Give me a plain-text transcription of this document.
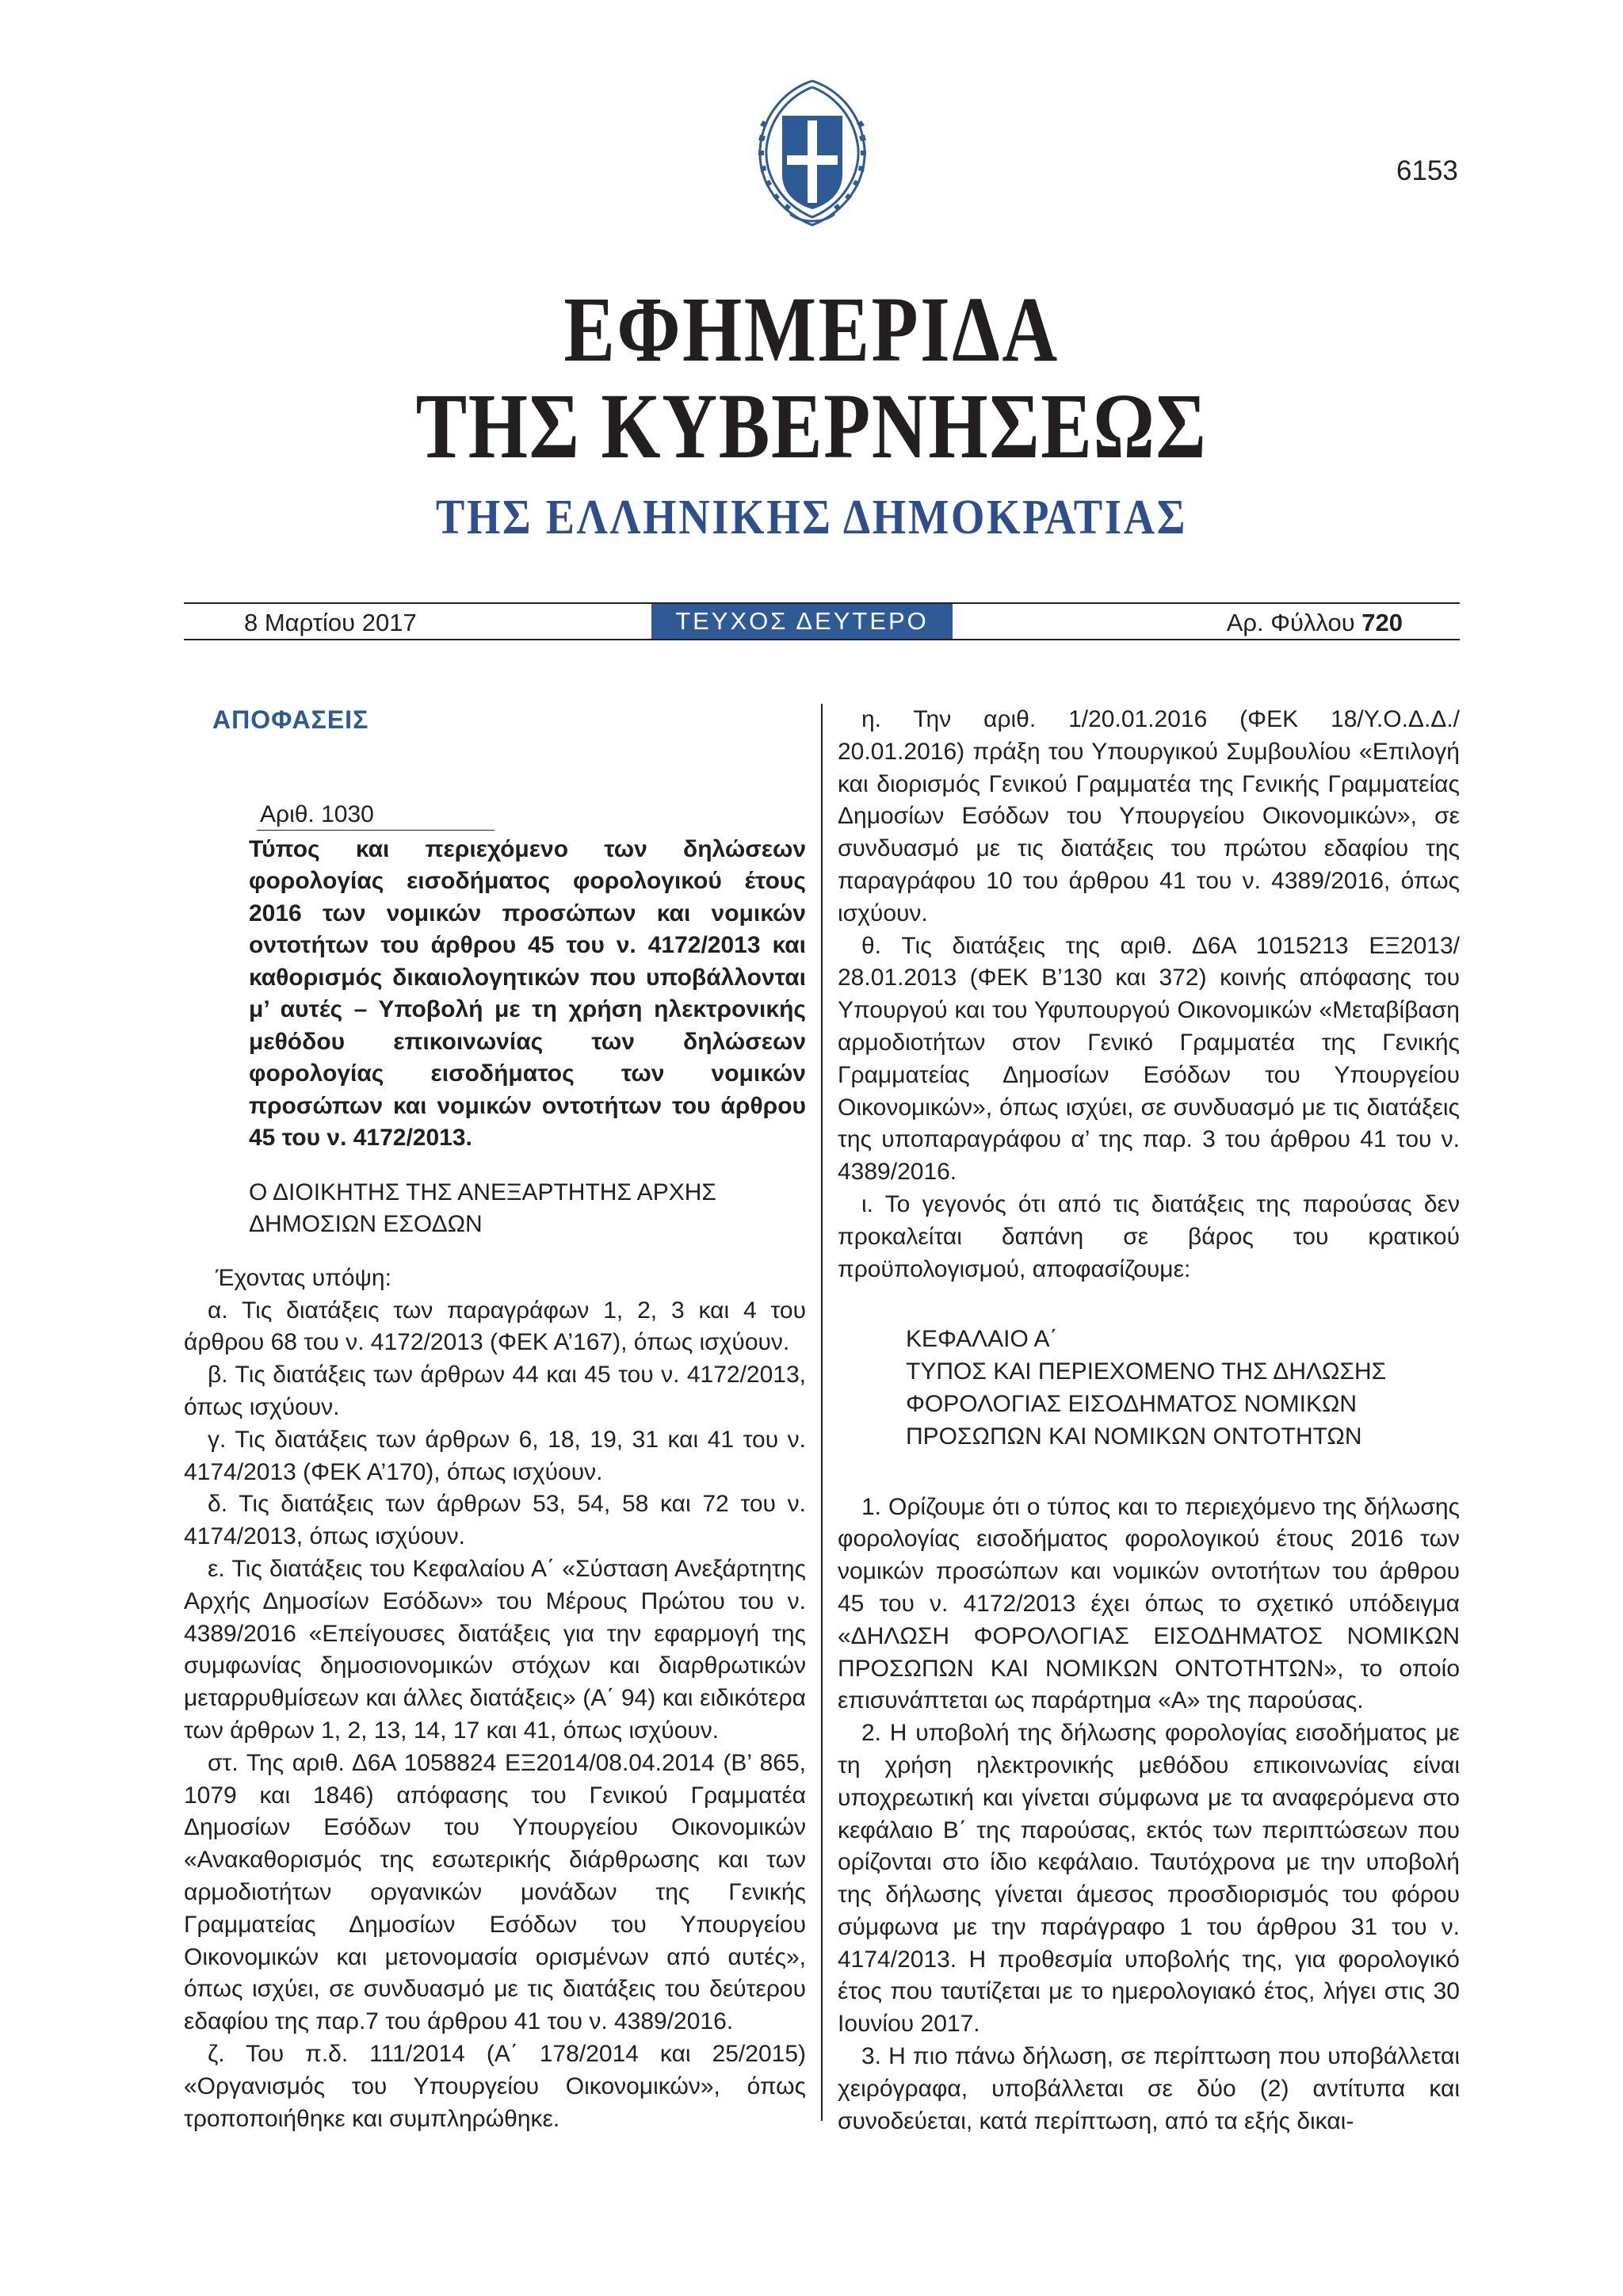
6153
ΕΦΗΜΕΡΙΔΑ
ΤΗΣ ΚΥΒΕΡΝΗΣΕΩΣ
ΤΗΣ ΕΛΛΗΝΙΚΗΣ ΔΗΜΟΚΡΑΤΙΑΣ
8 Μαρτίου 2017	ΤΕΥΧΟΣ ΔΕΥΤΕΡΟ	Αρ. Φύλλου 720
ΑΠΟΦΑΣΕΙΣ
Αριθ. 1030
Τύπος και περιεχόμενο των δηλώσεων φορολογίας εισοδήματος φορολογικού έτους 2016 των νομικών προσώπων και νομικών οντοτήτων του άρθρου 45 του ν. 4172/2013 και καθορισμός δικαιολογητικών που υποβάλλονται μ’ αυτές – Υποβολή με τη χρήση ηλεκτρονικής μεθόδου επικοινωνίας των δηλώσεων φορολογίας εισοδήματος των νομικών προσώπων και νομικών οντοτήτων του άρθρου 45 του ν. 4172/2013.
Ο ΔΙΟΙΚΗΤΗΣ ΤΗΣ ΑΝΕΞΑΡΤΗΤΗΣ ΑΡΧΗΣ
ΔΗΜΟΣΙΩΝ ΕΣΟΔΩΝ
Έχοντας υπόψη:

α. Τις διατάξεις των παραγράφων 1, 2, 3 και 4 του άρθρου 68 του ν. 4172/2013 (ΦΕΚ Α’167), όπως ισχύουν.

β. Τις διατάξεις των άρθρων 44 και 45 του ν. 4172/2013, όπως ισχύουν.

γ. Τις διατάξεις των άρθρων 6, 18, 19, 31 και 41 του ν. 4174/2013 (ΦΕΚ Α’170), όπως ισχύουν.

δ. Τις διατάξεις των άρθρων 53, 54, 58 και 72 του ν. 4174/2013, όπως ισχύουν.

ε. Τις διατάξεις του Κεφαλαίου Α΄ «Σύσταση Ανεξάρτητης Αρχής Δημοσίων Εσόδων» του Μέρους Πρώτου του ν. 4389/2016 «Επείγουσες διατάξεις για την εφαρμογή της συμφωνίας δημοσιονομικών στόχων και διαρθρωτικών μεταρρυθμίσεων και άλλες διατάξεις» (Α΄ 94) και ειδικότερα των άρθρων 1, 2, 13, 14, 17 και 41, όπως ισχύουν.

στ. Της αριθ. Δ6Α 1058824 ΕΞ2014/08.04.2014 (Β’ 865, 1079 και 1846) απόφασης του Γενικού Γραμματέα Δημοσίων Εσόδων του Υπουργείου Οικονομικών «Ανακαθορισμός της εσωτερικής διάρθρωσης και των αρμοδιοτήτων οργανικών μονάδων της Γενικής Γραμματείας Δημοσίων Εσόδων του Υπουργείου Οικονομικών και μετονομασία ορισμένων από αυτές», όπως ισχύει, σε συνδυασμό με τις διατάξεις του δεύτερου εδαφίου της παρ.7 του άρθρου 41 του ν. 4389/2016.

ζ. Του π.δ. 111/2014 (Α΄ 178/2014 και 25/2015) «Οργανισμός του Υπουργείου Οικονομικών», όπως τροποποιήθηκε και συμπληρώθηκε.

η. Την αριθ. 1/20.01.2016 (ΦΕΚ 18/Υ.Ο.Δ.Δ./ 20.01.2016) πράξη του Υπουργικού Συμβουλίου «Επιλογή και διορισμός Γενικού Γραμματέα της Γενικής Γραμματείας Δημοσίων Εσόδων του Υπουργείου Οικονομικών», σε συνδυασμό με τις διατάξεις του πρώτου εδαφίου της παραγράφου 10 του άρθρου 41 του ν. 4389/2016, όπως ισχύουν.

θ. Τις διατάξεις της αριθ. Δ6Α 1015213 ΕΞ2013/ 28.01.2013 (ΦΕΚ Β’130 και 372) κοινής απόφασης του Υπουργού και του Υφυπουργού Οικονομικών «Μεταβίβαση αρμοδιοτήτων στον Γενικό Γραμματέα της Γενικής Γραμματείας Δημοσίων Εσόδων του Υπουργείου Οικονομικών», όπως ισχύει, σε συνδυασμό με τις διατάξεις της υποπαραγράφου α’ της παρ. 3 του άρθρου 41 του ν. 4389/2016.

ι. Το γεγονός ότι από τις διατάξεις της παρούσας δεν προκαλείται δαπάνη σε βάρος του κρατικού προϋπολογισμού, αποφασίζουμε:

ΚΕΦΑΛΑΙΟ Α΄
ΤΥΠΟΣ ΚΑΙ ΠΕΡΙΕΧΟΜΕΝΟ ΤΗΣ ΔΗΛΩΣΗΣ
ΦΟΡΟΛΟΓΙΑΣ ΕΙΣΟΔΗΜΑΤΟΣ ΝΟΜΙΚΩΝ
ΠΡΟΣΩΠΩΝ ΚΑΙ ΝΟΜΙΚΩΝ ΟΝΤΟΤΗΤΩΝ

1. Ορίζουμε ότι ο τύπος και το περιεχόμενο της δήλωσης φορολογίας εισοδήματος φορολογικού έτους 2016 των νομικών προσώπων και νομικών οντοτήτων του άρθρου 45 του ν. 4172/2013 έχει όπως το σχετικό υπόδειγμα «ΔΗΛΩΣΗ ΦΟΡΟΛΟΓΙΑΣ ΕΙΣΟΔΗΜΑΤΟΣ ΝΟΜΙΚΩΝ ΠΡΟΣΩΠΩΝ ΚΑΙ ΝΟΜΙΚΩΝ ΟΝΤΟΤΗΤΩΝ», το οποίο επισυνάπτεται ως παράρτημα «Α» της παρούσας.

2. Η υποβολή της δήλωσης φορολογίας εισοδήματος με τη χρήση ηλεκτρονικής μεθόδου επικοινωνίας είναι υποχρεωτική και γίνεται σύμφωνα με τα αναφερόμενα στο κεφάλαιο Β΄ της παρούσας, εκτός των περιπτώσεων που ορίζονται στο ίδιο κεφάλαιο. Ταυτόχρονα με την υποβολή της δήλωσης γίνεται άμεσος προσδιορισμός του φόρου σύμφωνα με την παράγραφο 1 του άρθρου 31 του ν. 4174/2013. Η προθεσμία υποβολής της, για φορολογικό έτος που ταυτίζεται με το ημερολογιακό έτος, λήγει στις 30 Ιουνίου 2017.

3. Η πιο πάνω δήλωση, σε περίπτωση που υποβάλλεται χειρόγραφα, υποβάλλεται σε δύο (2) αντίτυπα και συνοδεύεται, κατά περίπτωση, από τα εξής δικαι-
